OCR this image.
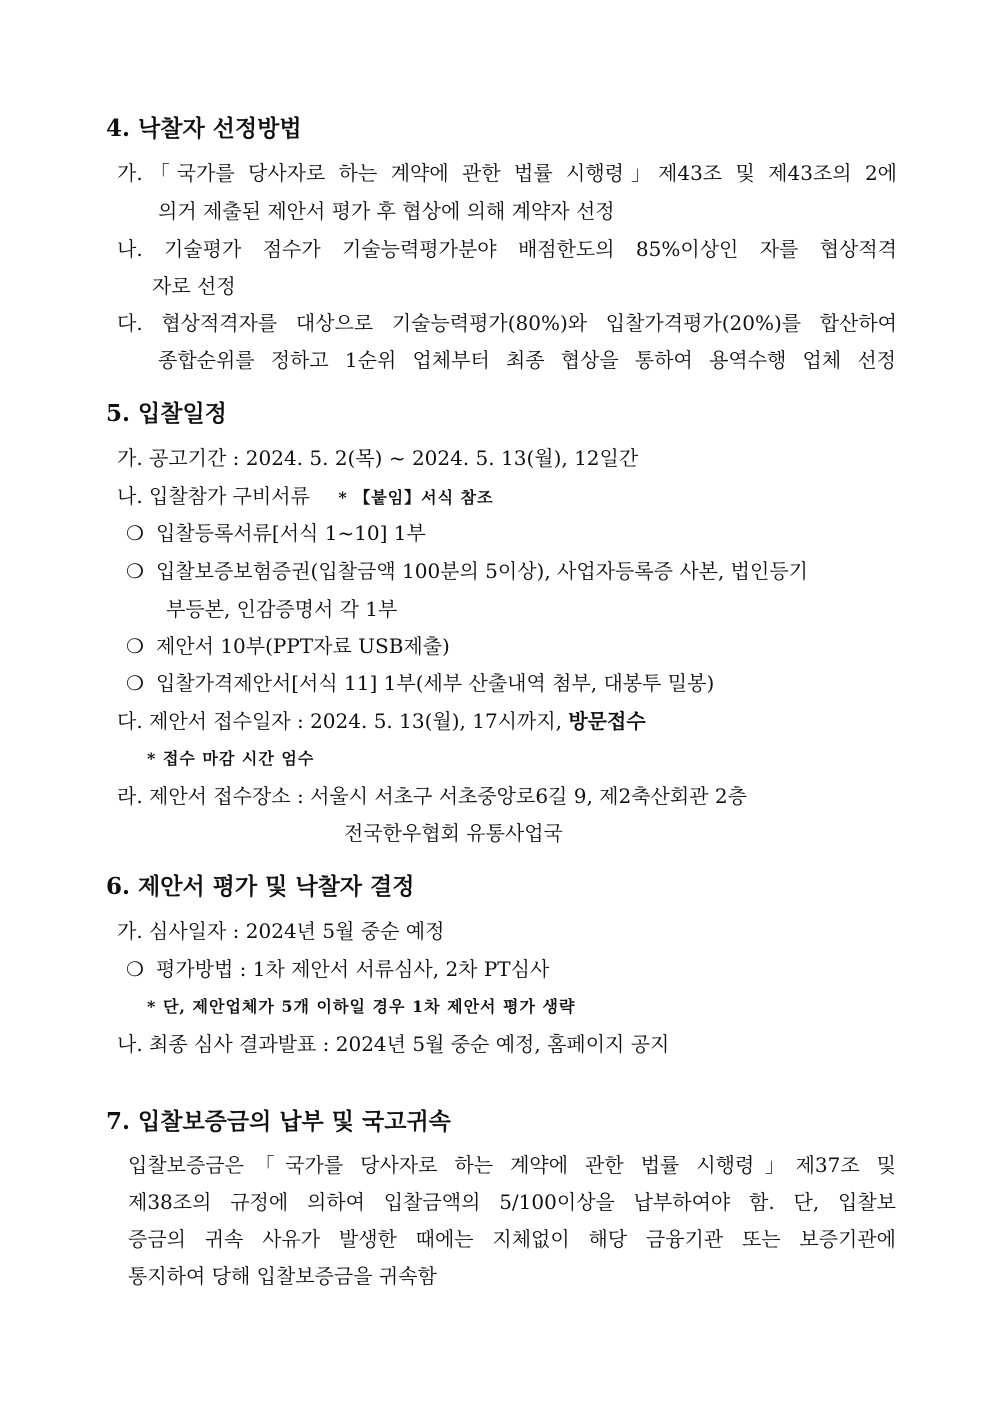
4. 낙찰자 선정방법
가.「국가를 당사자로 하는 계약에 관한 법률 시행령」제43조 및 제43조의 2에
의거 제출된 제안서 평가 후 협상에 의해 계약자 선정
나. 기술평가 점수가 기술능력평가분야 배점한도의 85%이상인 자를 협상적격
자로 선정
다. 협상적격자를 대상으로 기술능력평가(80%)와 입찰가격평가(20%)를 합산하여
종합순위를 정하고 1순위 업체부터 최종 협상을 통하여 용역수행 업체 선정
5. 입찰일정
가. 공고기간 : 2024. 5. 2(목) ~ 2024. 5. 13(월), 12일간
나. 입찰참가 구비서류 * 【붙임】서식 참조
❍ 입찰등록서류[서식 1~10] 1부
❍ 입찰보증보험증권(입찰금액 100분의 5이상), 사업자등록증 사본, 법인등기
부등본, 인감증명서 각 1부
❍ 제안서 10부(PPT자료 USB제출)
❍ 입찰가격제안서[서식 11] 1부(세부 산출내역 첨부, 대봉투 밀봉)
다. 제안서 접수일자 : 2024. 5. 13(월), 17시까지, 방문접수
* 접수 마감 시간 엄수
라. 제안서 접수장소 : 서울시 서초구 서초중앙로6길 9, 제2축산회관 2층
전국한우협회 유통사업국
6. 제안서 평가 및 낙찰자 결정
가. 심사일자 : 2024년 5월 중순 예정
❍ 평가방법 : 1차 제안서 서류심사, 2차 PT심사
* 단, 제안업체가 5개 이하일 경우 1차 제안서 평가 생략
나. 최종 심사 결과발표 : 2024년 5월 중순 예정, 홈페이지 공지
7. 입찰보증금의 납부 및 국고귀속
입찰보증금은「국가를 당사자로 하는 계약에 관한 법률 시행령」제37조 및
제38조의 규정에 의하여 입찰금액의 5/100이상을 납부하여야 함. 단, 입찰보
증금의 귀속 사유가 발생한 때에는 지체없이 해당 금융기관 또는 보증기관에
통지하여 당해 입찰보증금을 귀속함
